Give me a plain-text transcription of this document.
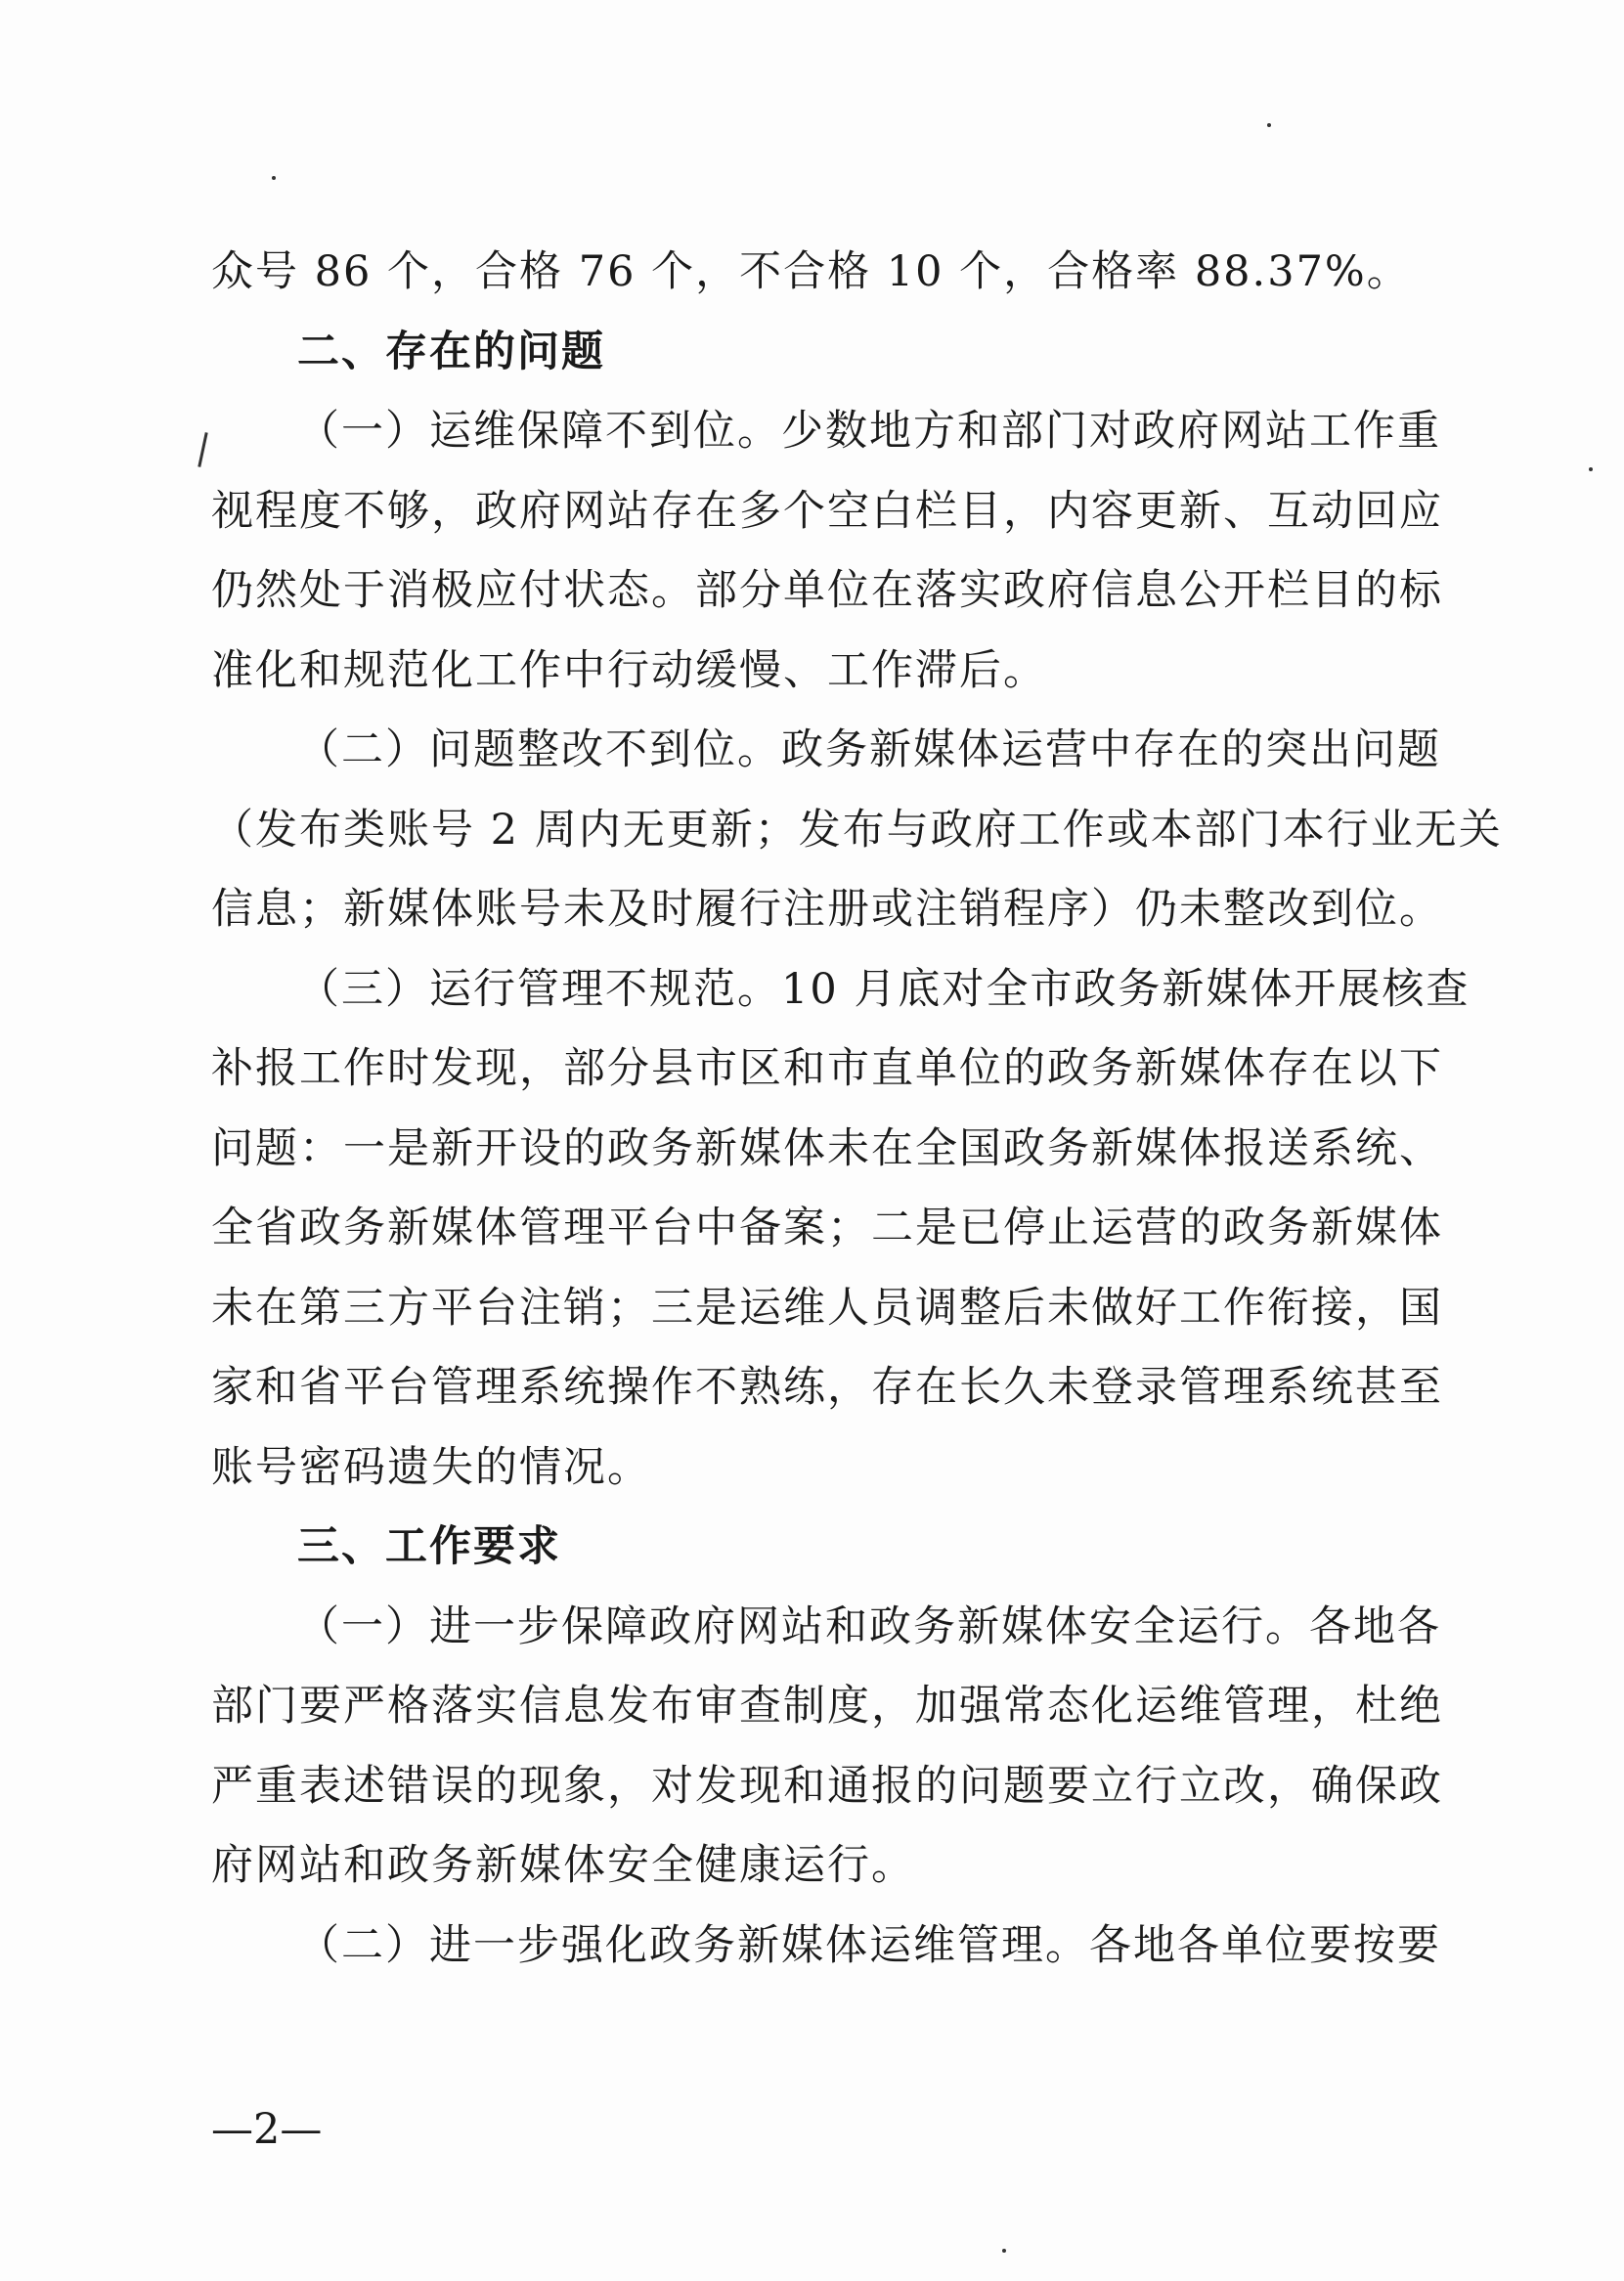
众号 86 个，合格 76 个，不合格 10 个，合格率 88.37%。
二、存在的问题
（一）运维保障不到位。少数地方和部门对政府网站工作重
视程度不够，政府网站存在多个空白栏目，内容更新、互动回应
仍然处于消极应付状态。部分单位在落实政府信息公开栏目的标
准化和规范化工作中行动缓慢、工作滞后。
（二）问题整改不到位。政务新媒体运营中存在的突出问题
（发布类账号 2 周内无更新；发布与政府工作或本部门本行业无关
信息；新媒体账号未及时履行注册或注销程序）仍未整改到位。
（三）运行管理不规范。10 月底对全市政务新媒体开展核查
补报工作时发现，部分县市区和市直单位的政务新媒体存在以下
问题：一是新开设的政务新媒体未在全国政务新媒体报送系统、
全省政务新媒体管理平台中备案；二是已停止运营的政务新媒体
未在第三方平台注销；三是运维人员调整后未做好工作衔接，国
家和省平台管理系统操作不熟练，存在长久未登录管理系统甚至
账号密码遗失的情况。
三、工作要求
（一）进一步保障政府网站和政务新媒体安全运行。各地各
部门要严格落实信息发布审查制度，加强常态化运维管理，杜绝
严重表述错误的现象，对发现和通报的问题要立行立改，确保政
府网站和政务新媒体安全健康运行。
（二）进一步强化政务新媒体运维管理。各地各单位要按要
—2—
